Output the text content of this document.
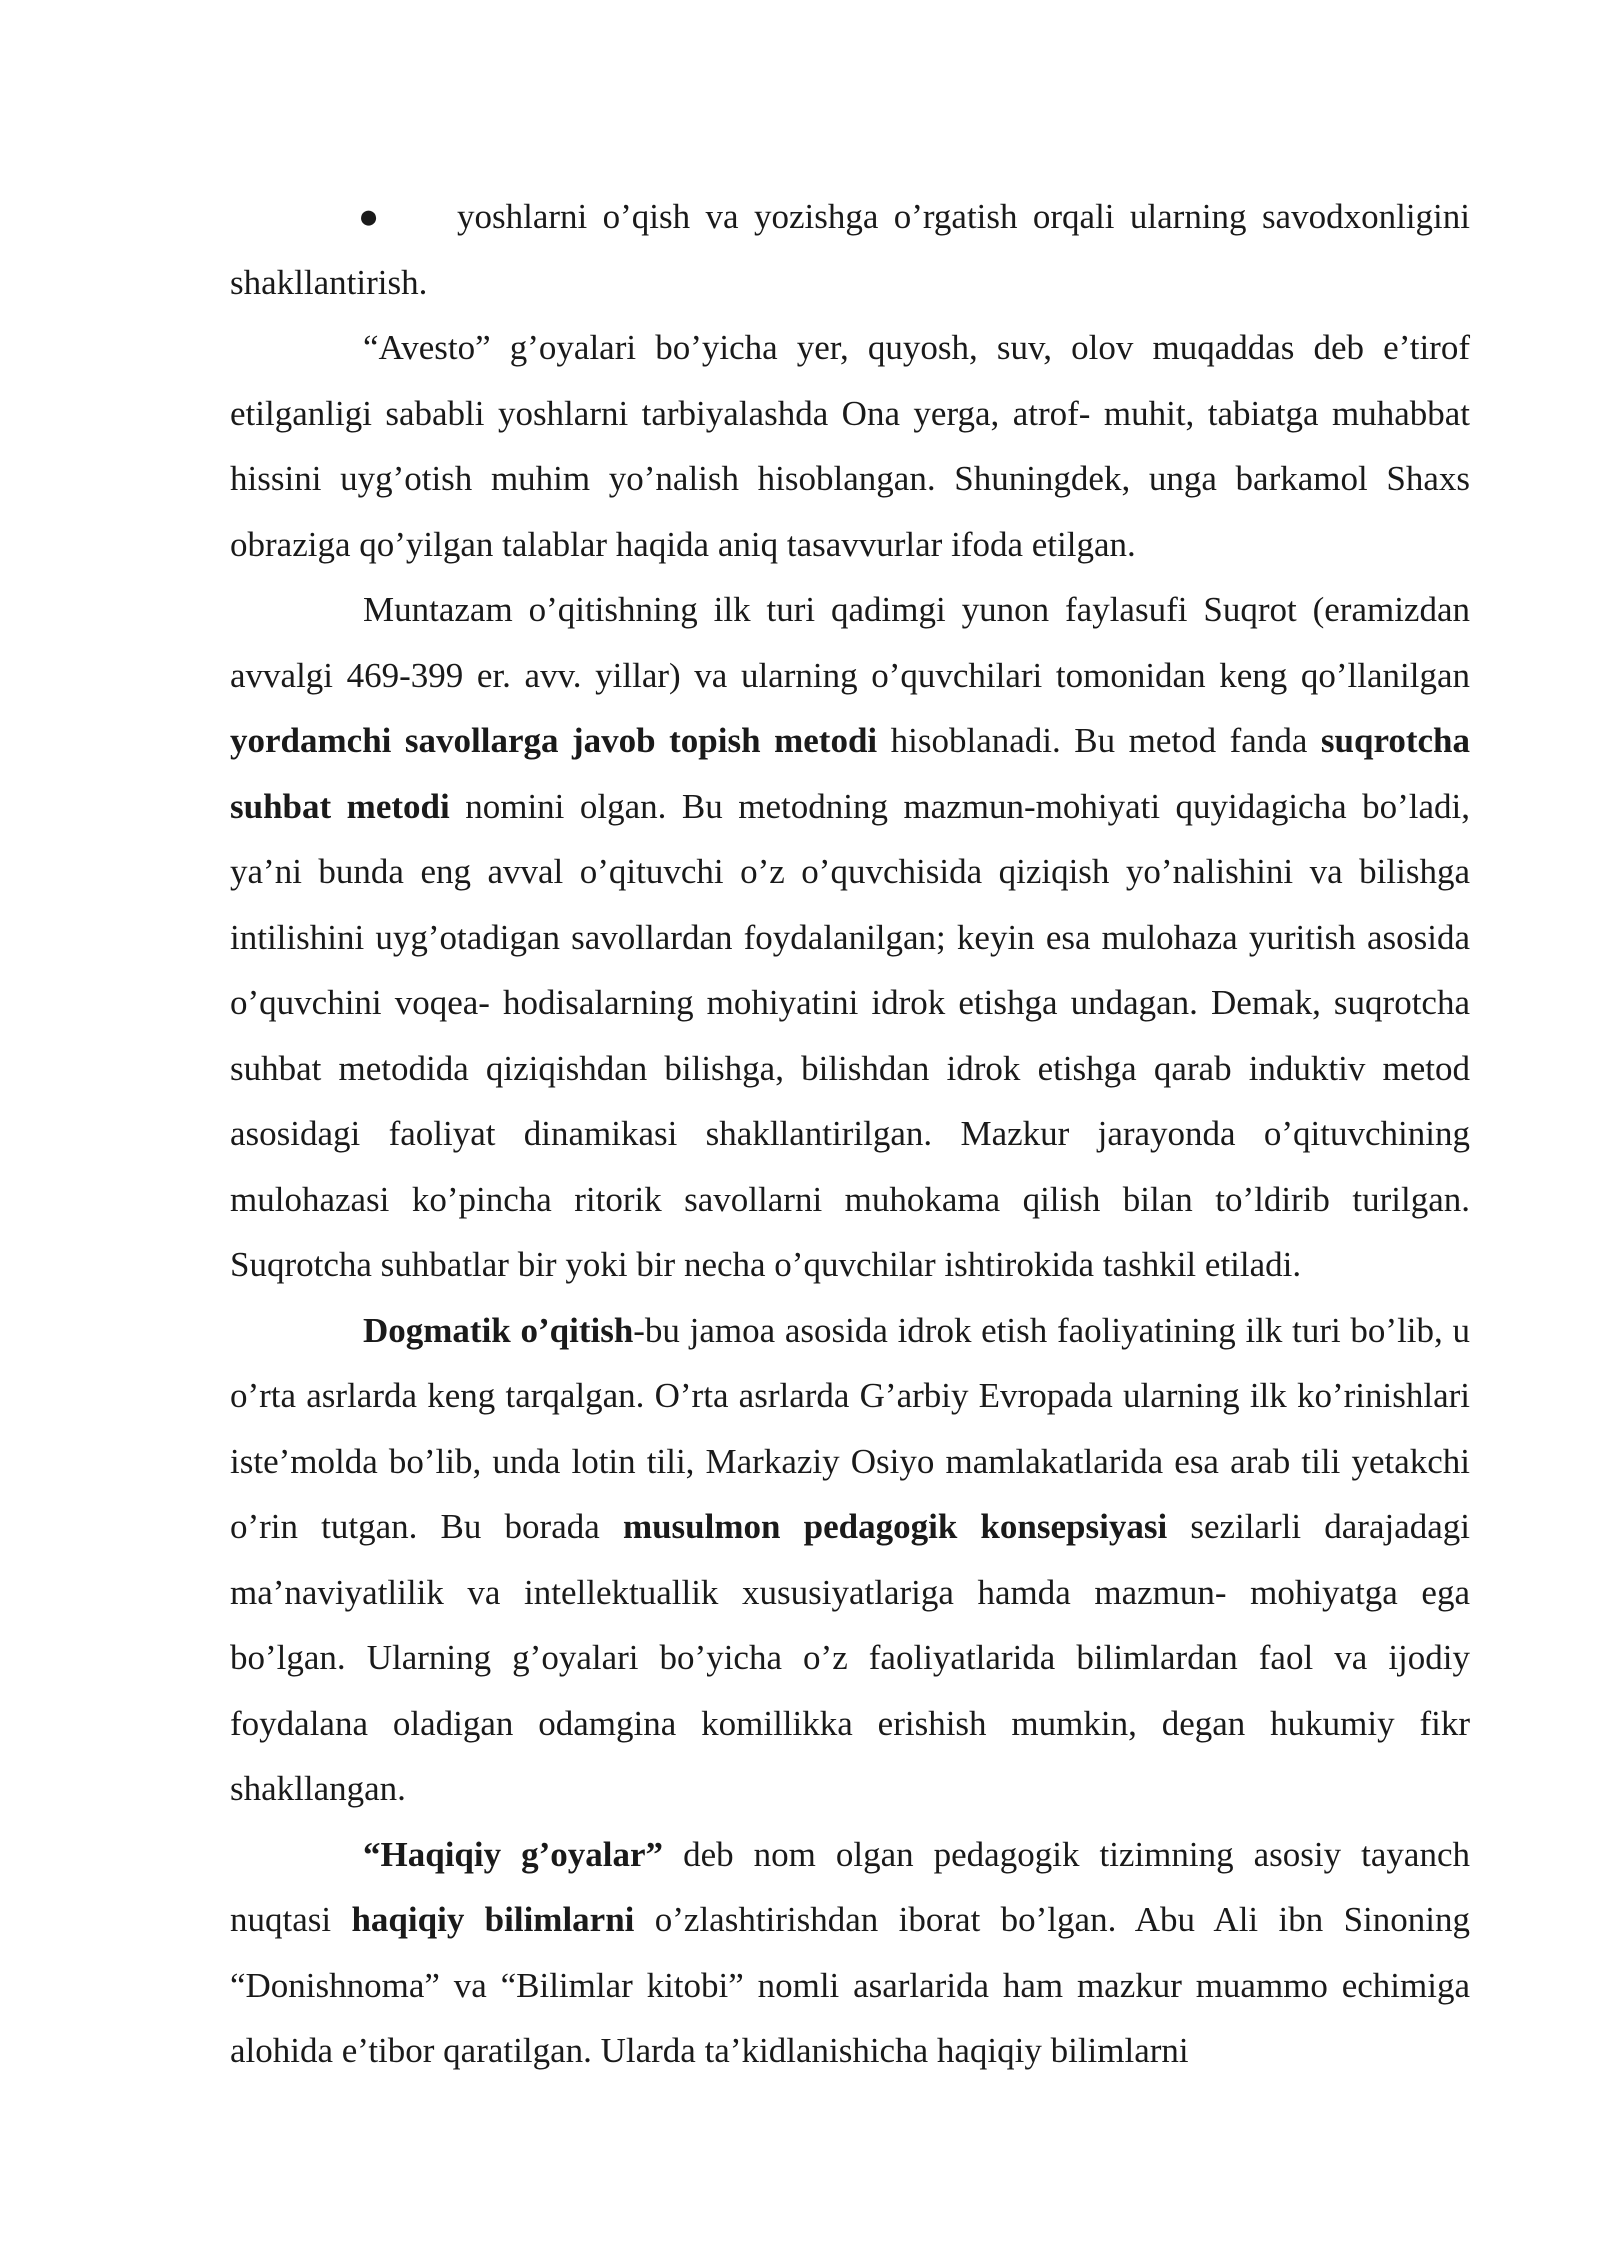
●	yoshlarni o’qish va yozishga o’rgatish orqali ularning savodxonligini shakllantirish.

“Avesto” g’oyalari bo’yicha yer, quyosh, suv, olov muqaddas deb e’tirof etilganligi sababli yoshlarni tarbiyalashda Ona yerga, atrof- muhit, tabiatga muhabbat hissini uyg’otish muhim yo’nalish hisoblangan. Shuningdek, unga barkamol Shaxs obraziga qo’yilgan talablar haqida aniq tasavvurlar ifoda etilgan.

Muntazam o’qitishning ilk turi qadimgi yunon faylasufi Suqrot (eramizdan avvalgi 469-399 er. avv. yillar) va ularning o’quvchilari tomonidan keng qo’llanilgan yordamchi savollarga javob topish metodi hisoblanadi. Bu metod fanda suqrotcha suhbat metodi nomini olgan. Bu metodning mazmun-mohiyati quyidagicha bo’ladi, ya’ni bunda eng avval o’qituvchi o’z o’quvchisida qiziqish yo’nalishini va bilishga intilishini uyg’otadigan savollardan foydalanilgan; keyin esa mulohaza yuritish asosida o’quvchini voqea- hodisalarning mohiyatini idrok etishga undagan. Demak, suqrotcha suhbat metodida qiziqishdan bilishga, bilishdan idrok etishga qarab induktiv metod asosidagi faoliyat dinamikasi shakllantirilgan. Mazkur jarayonda o’qituvchining mulohazasi ko’pincha ritorik savollarni muhokama qilish bilan to’ldirib turilgan. Suqrotcha suhbatlar bir yoki bir necha o’quvchilar ishtirokida tashkil etiladi.

Dogmatik o’qitish-bu jamoa asosida idrok etish faoliyatining ilk turi bo’lib, u o’rta asrlarda keng tarqalgan. O’rta asrlarda G’arbiy Evropada ularning ilk ko’rinishlari iste’molda bo’lib, unda lotin tili, Markaziy Osiyo mamlakatlarida esa arab tili yetakchi o’rin tutgan. Bu borada musulmon pedagogik konsepsiyasi sezilarli darajadagi ma’naviyatlilik va intellektuallik xususiyatlariga hamda mazmun- mohiyatga ega bo’lgan. Ularning g’oyalari bo’yicha o’z faoliyatlarida bilimlardan faol va ijodiy foydalana oladigan odamgina komillikka erishish mumkin, degan hukumiy fikr shakllangan.

“Haqiqiy g’oyalar” deb nom olgan pedagogik tizimning asosiy tayanch nuqtasi haqiqiy bilimlarni o’zlashtirishdan iborat bo’lgan. Abu Ali ibn Sinoning “Donishnoma” va “Bilimlar kitobi” nomli asarlarida ham mazkur muammo echimiga alohida e’tibor qaratilgan. Ularda ta’kidlanishicha haqiqiy bilimlarni
